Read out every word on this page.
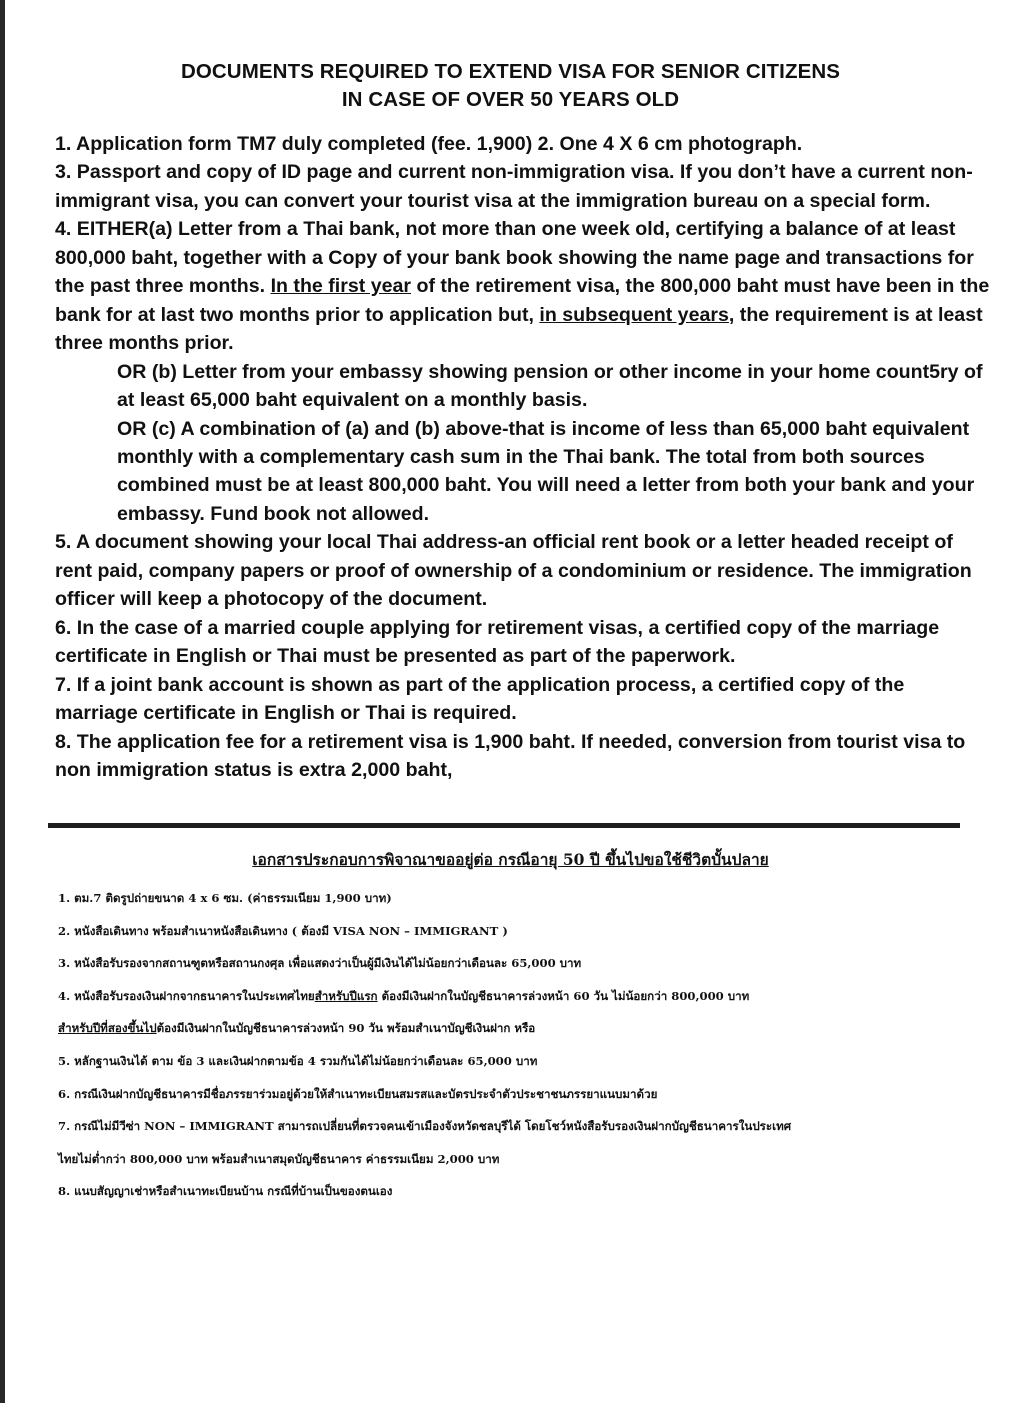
DOCUMENTS REQUIRED TO EXTEND VISA FOR SENIOR CITIZENS
IN CASE OF OVER 50 YEARS OLD
1. Application form TM7 duly completed (fee. 1,900) 2. One 4 X 6 cm photograph.
3. Passport and copy of ID page and current non-immigration visa. If you don’t have a current non-immigrant visa, you can convert your tourist visa at the immigration bureau on a special form.
4. EITHER(a) Letter from a Thai bank, not more than one week old, certifying a balance of at least 800,000 baht, together with a Copy of your bank book showing the name page and transactions for the past three months. In the first year of the retirement visa, the 800,000 baht must have been in the bank for at last two months prior to application but, in subsequent years, the requirement is at least three months prior.
OR (b) Letter from your embassy showing pension or other income in your home count5ry of at least 65,000 baht equivalent on a monthly basis.
OR (c) A combination of (a) and (b) above-that is income of less than 65,000 baht equivalent monthly with a complementary cash sum in the Thai bank. The total from both sources combined must be at least 800,000 baht. You will need a letter from both your bank and your embassy. Fund book not allowed.
5. A document showing your local Thai address-an official rent book or a letter headed receipt of rent paid, company papers or proof of ownership of a condominium or residence. The immigration officer will keep a photocopy of the document.
6. In the case of a married couple applying for retirement visas, a certified copy of the marriage certificate in English or Thai must be presented as part of the paperwork.
7. If a joint bank account is shown as part of the application process, a certified copy of the marriage certificate in English or Thai is required.
8. The application fee for a retirement visa is 1,900 baht. If needed, conversion from tourist visa to non immigration status is extra 2,000 baht,
เอกสารประกอบการพิจาณาขออยู่ต่อ กรณีอายุ 50 ปี ขึ้นไปขอใช้ชีวิตบั้นปลาย
1. ตม.7 ติดรูปถ่ายขนาด 4 x 6 ซม. (ค่าธรรมเนียม 1,900 บาท)
2. หนังสือเดินทาง พร้อมสำเนาหนังสือเดินทาง ( ต้องมี VISA NON – IMMIGRANT )
3. หนังสือรับรองจากสถานฑูตหรือสถานกงศุล เพื่อแสดงว่าเป็นผู้มีเงินได้ไม่น้อยกว่าเดือนละ 65,000 บาท
4. หนังสือรับรองเงินฝากจากธนาคารในประเทศไทยสำหรับปีแรก ต้องมีเงินฝากในบัญชีธนาคารล่วงหน้า 60 วัน ไม่น้อยกว่า 800,000 บาท
สำหรับปีที่สองขึ้นไปต้องมีเงินฝากในบัญชีธนาคารล่วงหน้า 90 วัน พร้อมสำเนาบัญชีเงินฝาก หรือ
5. หลักฐานเงินได้ ตาม ข้อ 3 และเงินฝากตามข้อ 4 รวมกันได้ไม่น้อยกว่าเดือนละ 65,000 บาท
6. กรณีเงินฝากบัญชีธนาคารมีชื่อภรรยาร่วมอยู่ด้วยให้สำเนาทะเบียนสมรสและบัตรประจำตัวประชาชนภรรยาแนบมาด้วย
7. กรณีไม่มีวีซ่า NON – IMMIGRANT สามารถเปลี่ยนที่ตรวจคนเข้าเมืองจังหวัดชลบุรีได้ โดยโชว์หนังสือรับรองเงินฝากบัญชีธนาคารในประเทศ
ไทยไม่ต่ำกว่า 800,000 บาท พร้อมสำเนาสมุดบัญชีธนาคาร ค่าธรรมเนียม 2,000 บาท
8. แนบสัญญาเช่าหรือสำเนาทะเบียนบ้าน กรณีที่บ้านเป็นของตนเอง
